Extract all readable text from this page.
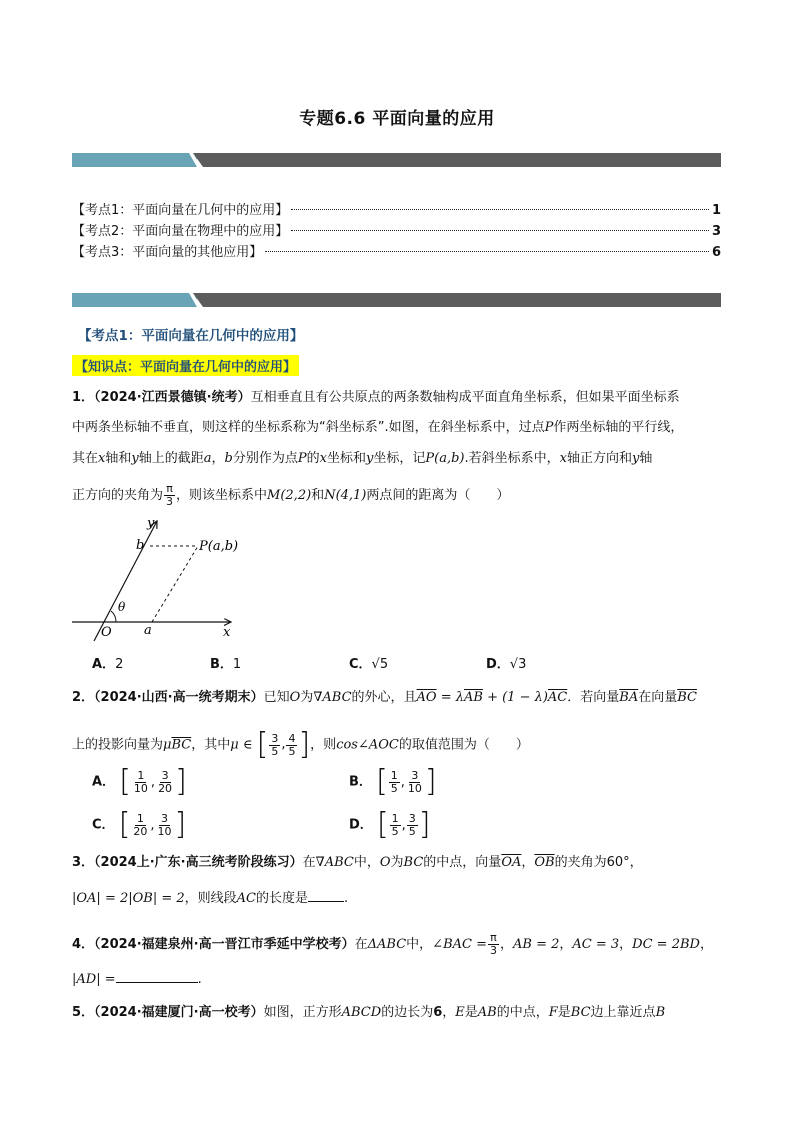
专题6.6 平面向量的应用
【考点1：平面向量在几何中的应用】	1
【考点2：平面向量在物理中的应用】	3
【考点3：平面向量的其他应用】	6
【考点1：平面向量在几何中的应用】
【知识点：平面向量在几何中的应用】
1．（2024·江西景德镇·统考）互相垂直且有公共原点的两条数轴构成平面直角坐标系，但如果平面坐标系
中两条坐标轴不垂直，则这样的坐标系称为“斜坐标系”.如图，在斜坐标系中，过点P作两坐标轴的平行线，
其在x轴和y轴上的截距a，b分别作为点P的x坐标和y坐标，记P(a,b).若斜坐标系中，x轴正方向和y轴
正方向的夹角为 $\frac{\pi}{3}$ ，则该坐标系中M(2,2)和N(4,1)两点间的距离为（　　）
y
b	P(a,b)
θ
O a	x
A．2	B．1	C．√5	D．√3
2．（2024·山西·高一统考期末）已知O为∇ABC的外心，且$\overline{AO} = \lambda\overline{AB} + (1 - \lambda)\overline{AC}$．若向量$\overline{BA}$在向量$\overline{BC}$
上的投影向量为$\mu\overline{BC}$，其中μ ∈ [ $\frac{3}{5}$ , $\frac{4}{5}$ ] ，则cos∠AOC的取值范围为（　　）
A． [ $\frac{1}{10}$ , $\frac{3}{20}$ ]	B． [ $\frac{1}{5}$ , $\frac{3}{10}$ ]
C． [ $\frac{1}{20}$ , $\frac{3}{10}$ ]	D． [ $\frac{1}{5}$ , $\frac{3}{5}$ ]
3．（2024上·广东·高三统考阶段练习）在∇ABC中，O为BC的中点，向量$\overline{OA}$，$\overline{OB}$的夹角为60°，
|OA| = 2|OB| = 2，则线段AC的长度是	.
4．（2024·福建泉州·高一晋江市季延中学校考）在ΔABC中，∠BAC = $\frac{\pi}{3}$ ，AB = 2，AC = 3，DC = 2BD，
|AD| =	.
5．（2024·福建厦门·高一校考）如图，正方形ABCD的边长为6，E是AB的中点，F是BC边上靠近点B
